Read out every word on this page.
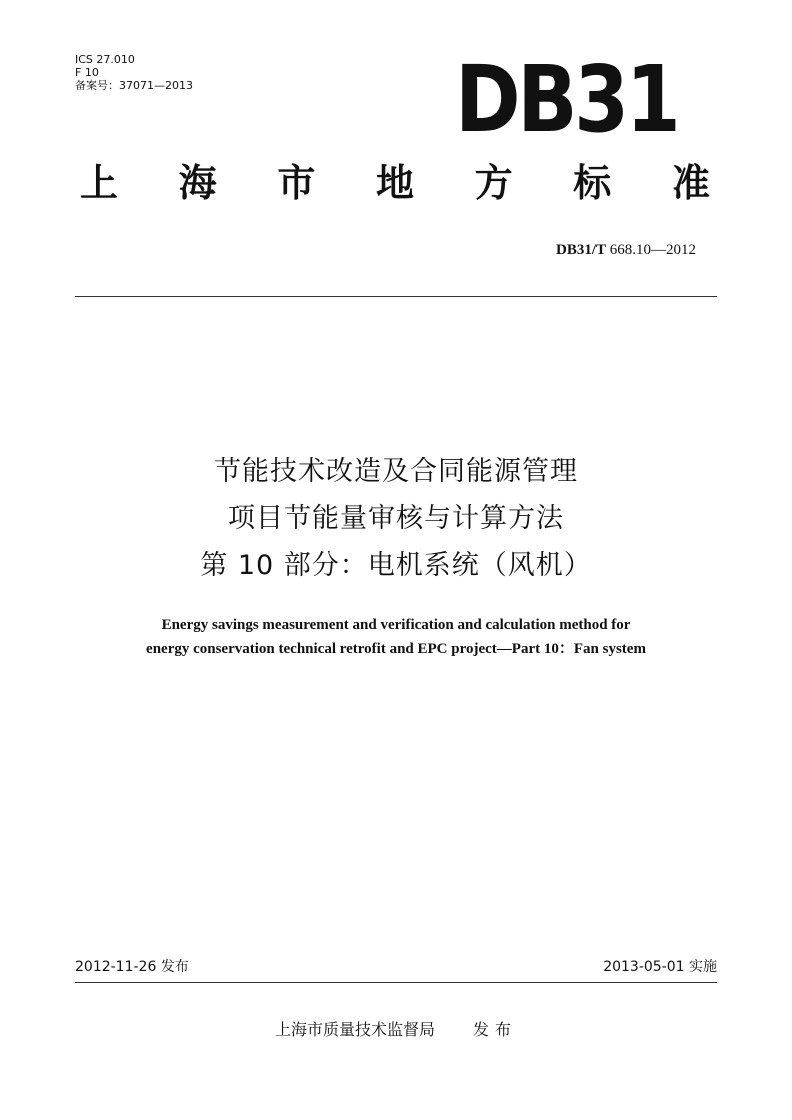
ICS 27.010
F 10
备案号：37071—2013	DB31
上 海 市 地 方 标 准
DB31/T 668.10—2012
节能技术改造及合同能源管理
项目节能量审核与计算方法
第 10 部分：电机系统（风机）
Energy savings measurement and verification and calculation method for
energy conservation technical retrofit and EPC project—Part 10：Fan system
2012-11-26 发布	2013-05-01 实施
上海市质量技术监督局 发布
